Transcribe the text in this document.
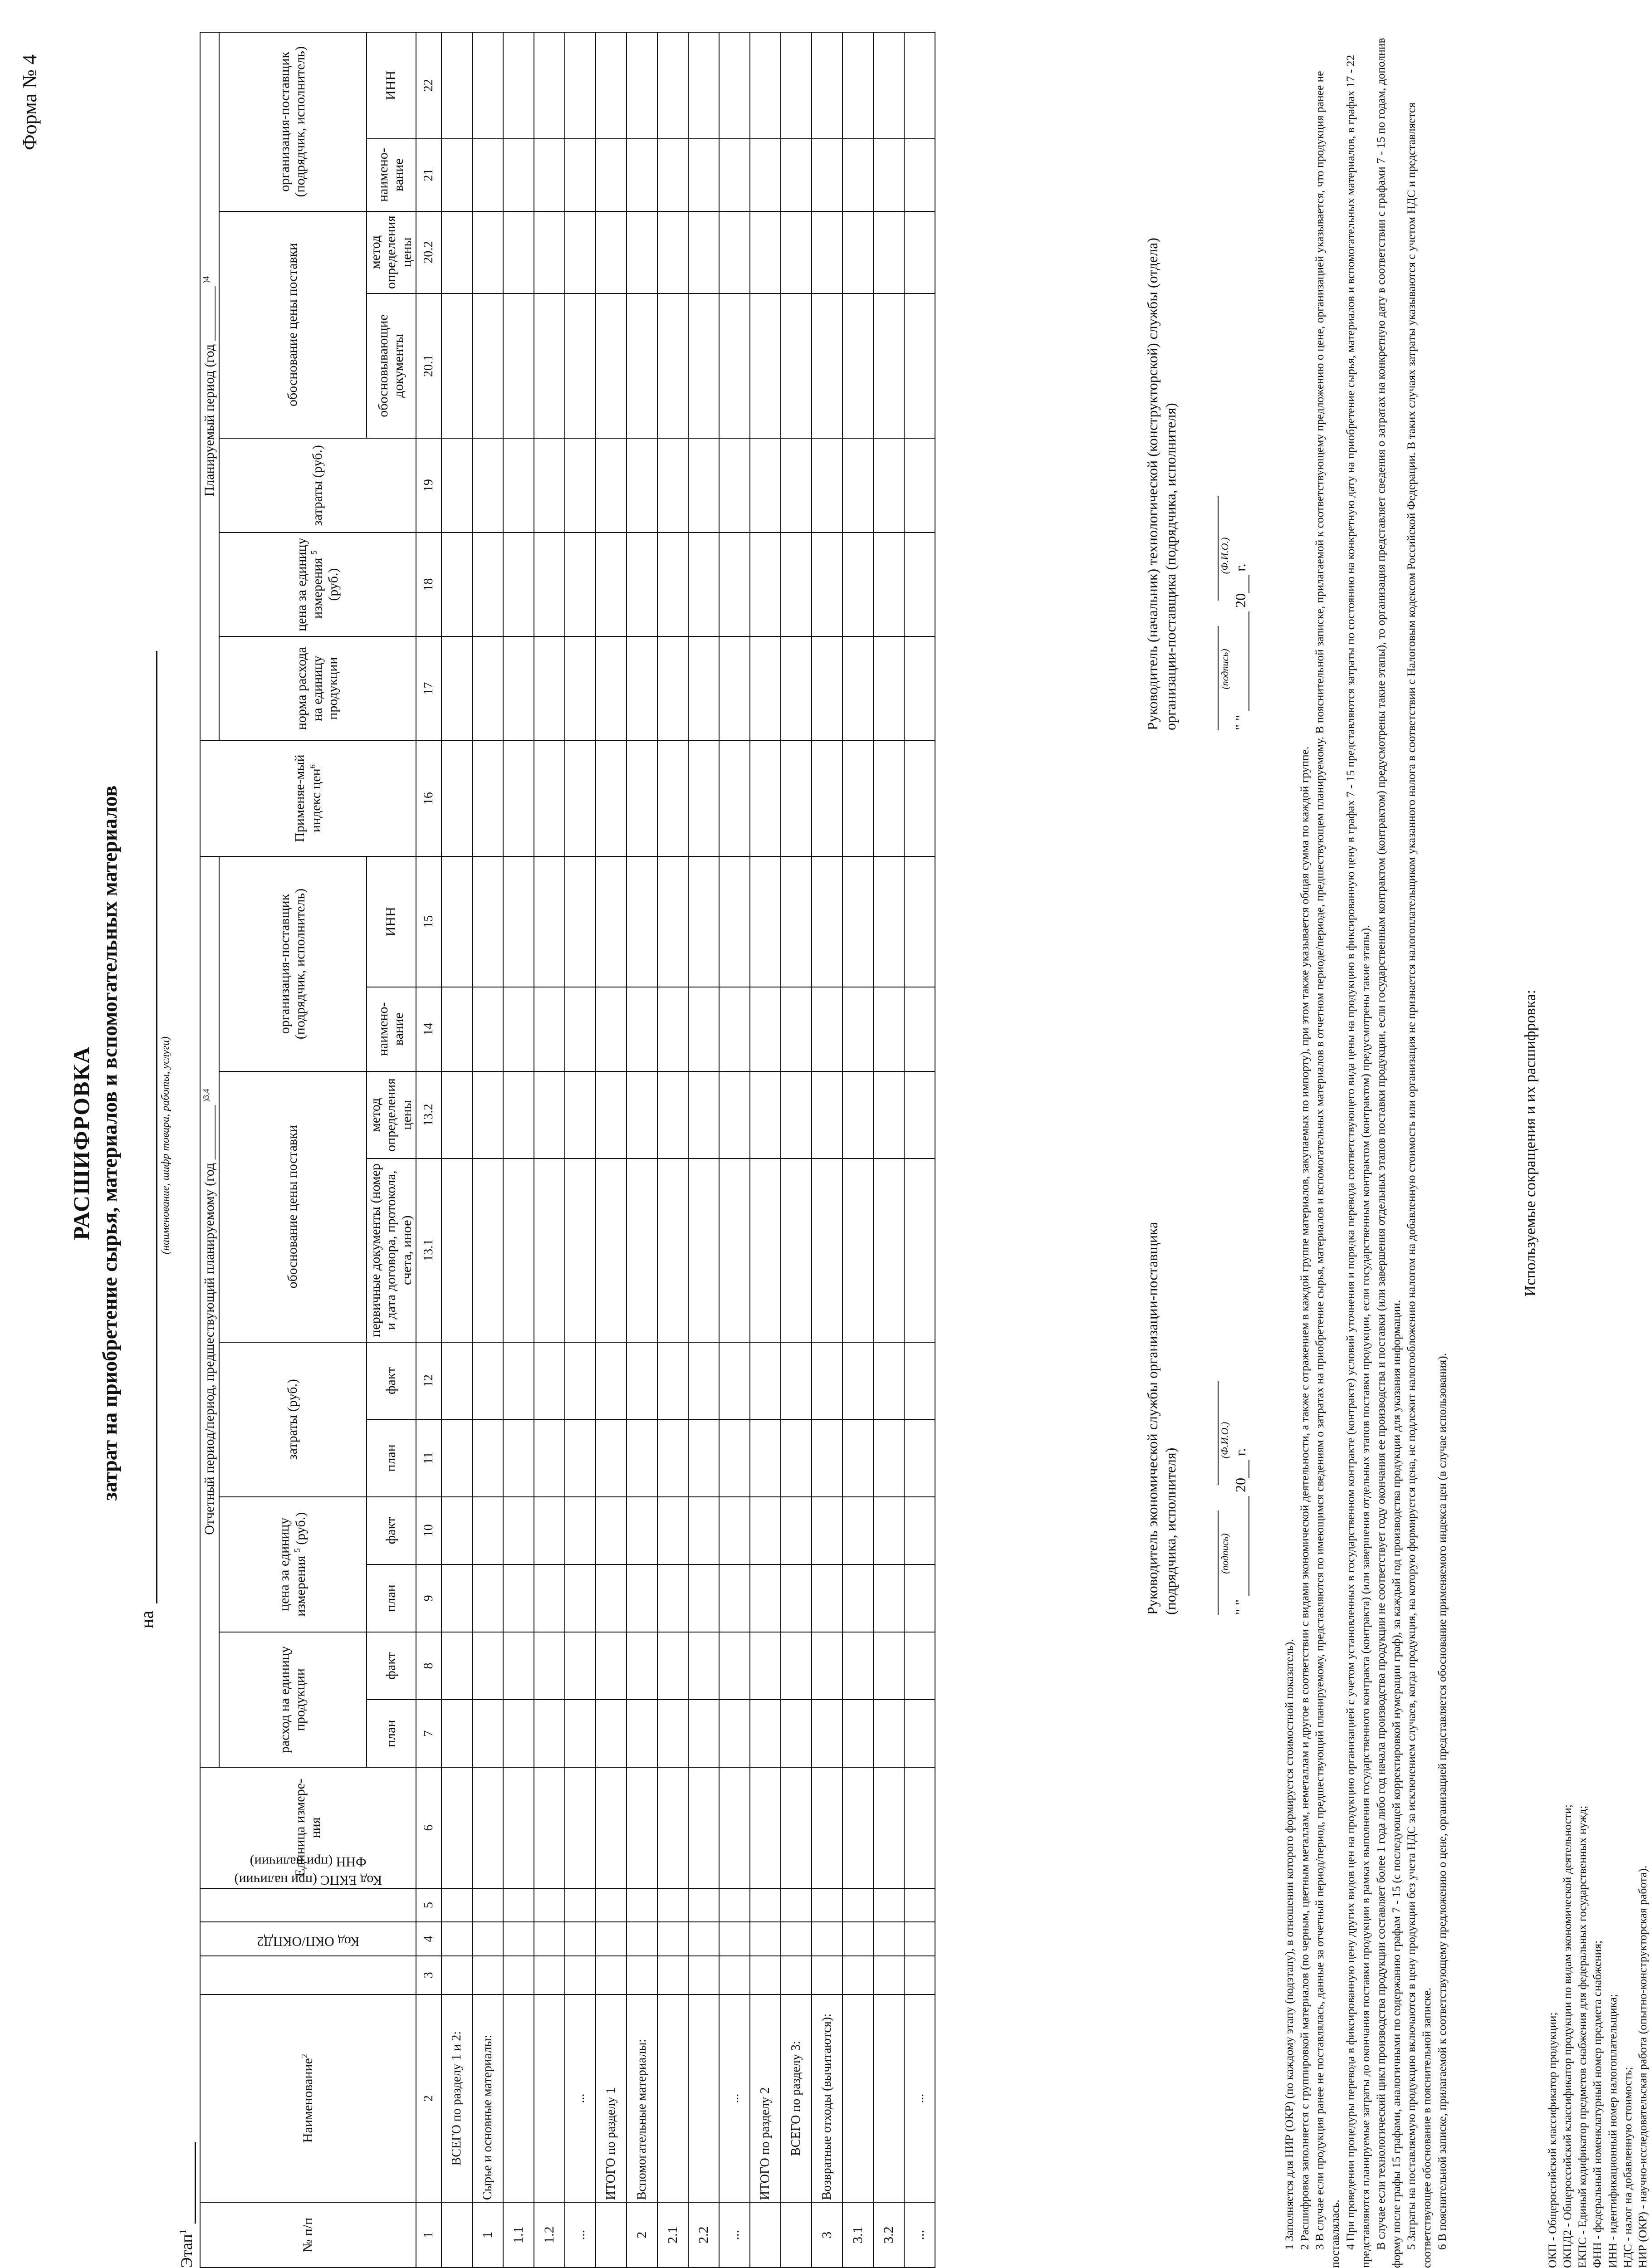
Форма № 4
РАСШИФРОВКА затрат на приобретение сырья, материалов и вспомогательных материалов
на
(наименование, шифр товара, работы, услуги)
Этап$^1$	№ п/п	Наименование$^2$	Код ОКП/ОКПД2	Код ЕКПС (при наличии)	ФНН (при наличии)	Единица измере-ния	Отчетный период/период, предшествующий планируемому (год ________ $^{)3,4}$										Применяе-мый индекс цен$^6$	Планируемый период (год ________ $^{)4}$
						расход на единицу продукции		цена за единицу измерения $^5$ (руб.)		затраты (руб.)		обоснование цены поставки		организация-поставщик (подрядчик, исполнитель)			норма расхода на единицу продукции	цена за единицу измерения $^5$ (руб.)	затраты (руб.)	обоснование цены поставки		организация-поставщик (подрядчик, исполнитель)	
						план	факт	план	факт	план	факт	первичные документы (номер и дата договора, протокола, счета, иное)	метод определения цены	наимено-вание	ИНН					обосновывающие документы	метод определения цены	наимено-вание	ИНН
1	2	3	4	5	6	7	8	9	10	11	12	13.1	13.2	14	15	16	17	18	19	20.1	20.2	21	22
	ВСЕГО по разделу 1 и 2:																						
1	Сырье и основные материалы:																						
1.1																							
1.2																							
...	...																						
	ИТОГО по разделу 1																						
2	Вспомогательные материалы:																						
2.1																							
2.2																							
...	...																						
	ИТОГО по разделу 2																						
	ВСЕГО по разделу 3:																						
3	Возвратные отходы (вычитаются):																						
3.1																							
3.2																							
...	...																						
Руководитель экономической службы организации-поставщика (подрядчика, исполнителя)
	(подпись)(Ф.И.О.)
" "  20 г.
Руководитель (начальник) технологической (конструкторской) службы (отдела) организации-поставщика (подрядчика, исполнителя)
	(подпись)(Ф.И.О.)
" "  20 г.

1 Заполняется для НИР (ОКР) (по каждому этапу (подэтапу), в отношении которого формируется стоимостной показатель). 2 Расшифровка заполняется с группировкой материалов (по черным, цветным металлам, неметаллам и другое в соответствии с видами экономической деятельности, а также с отражением в каждой группе материалов, закупаемых по импорту), при этом также указывается общая сумма по каждой группе. 3 В случае если продукция ранее не поставлялась, данные за отчетный период/период, предшествующий планируемому, представляются по имеющимся сведениям о затратах на приобретение сырья, материалов и вспомогательных материалов в отчетном периоде/периоде, предшествующем планируемому. В пояснительной записке, прилагаемой к соответствующему предложению о цене, организацией указывается, что продукция ранее не поставлялась. 4 При проведении процедуры перевода в фиксированную цену других видов цен на продукцию организацией с учетом установленных в государственном контракте (контракте) условий уточнения и порядка перевода соответствующего вида цены на продукцию в фиксированную цену в графах 7 - 15 представляются затраты по состоянию на конкретную дату на приобретение сырья, материалов и вспомогательных материалов, в графах 17 - 22 представляются планируемые затраты до окончания поставки продукции в рамках выполнения государственного контракта (контракта) (или завершения отдельных этапов поставки продукции, если государственным контрактом (контрактом) предусмотрены такие этапы). В случае если технологический цикл производства продукции составляет более 1 года либо год начала производства продукции не соответствует году окончания ее производства и поставки (или завершения отдельных этапов поставки продукции, если государственным контрактом (контрактом) предусмотрены такие этапы), то организация представляет сведения о затратах на конкретную дату в соответствии с графами 7 - 15 по годам, дополнив форму после графы 15 графами, аналогичными по содержанию графам 7 - 15 (с последующей корректировкой нумерации граф), за каждый год производства продукции для указания информации. 5 Затраты на поставляемую продукцию включаются в цену продукции без учета НДС за исключением случаев, когда продукция, на которую формируется цена, не подлежит налогообложению налогом на добавленную стоимость или организация не признается налогоплательщиком указанного налога в соответствии с Налоговым кодексом Российской Федерации. В таких случаях затраты указываются с учетом НДС и представляется соответствующее обоснование в пояснительной записке. 6 В пояснительной записке, прилагаемой к соответствующему предложению о цене, организацией представляется обоснование применяемого индекса цен (в случае использования).

Используемые сокращения и их расшифровка:

ОКП - Общероссийский классификатор продукции; ОКПД2 - Общероссийский классификатор продукции по видам экономической деятельности; ЕКПС - Единый кодификатор предметов снабжения для федеральных государственных нужд; ФНН - федеральный номенклатурный номер предмета снабжения; ИНН - идентификационный номер налогоплательщика; НДС - налог на добавленную стоимость; НИР (ОКР) - научно-исследовательская работа (опытно-конструкторская работа).
